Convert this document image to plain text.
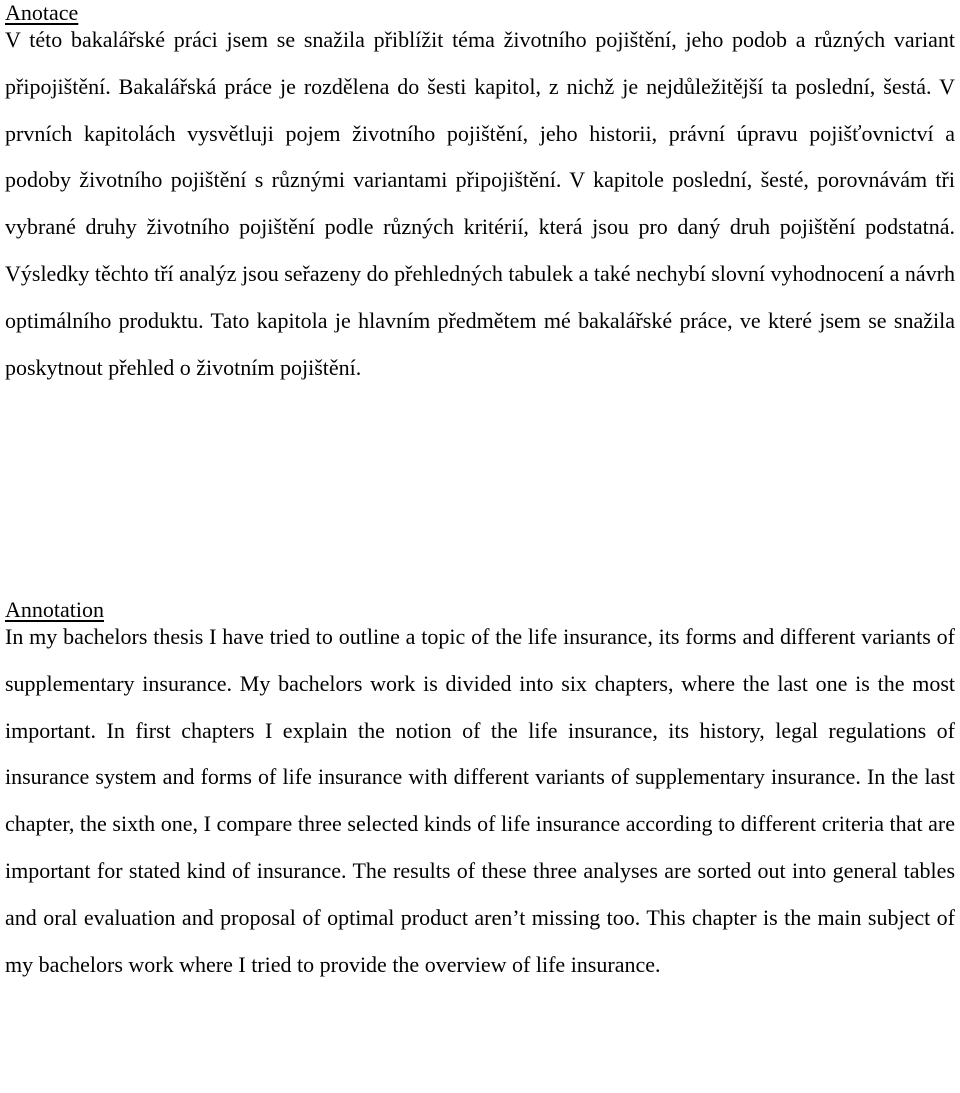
Anotace

V této bakalářské práci jsem se snažila přiblížit téma životního pojištění, jeho podob a různých variant připojištění. Bakalářská práce je rozdělena do šesti kapitol, z nichž je nejdůležitější ta poslední, šestá. V prvních kapitolách vysvětluji pojem životního pojištění, jeho historii, právní úpravu pojišťovnictví a podoby životního pojištění s různými variantami připojištění. V kapitole poslední, šesté, porovnávám tři vybrané druhy životního pojištění podle různých kritérií, která jsou pro daný druh pojištění podstatná. Výsledky těchto tří analýz jsou seřazeny do přehledných tabulek a také nechybí slovní vyhodnocení a návrh optimálního produktu. Tato kapitola je hlavním předmětem mé bakalářské práce, ve které jsem se snažila poskytnout přehled o životním pojištění.

Annotation

In my bachelors thesis I have tried to outline a topic of the life insurance, its forms and different variants of supplementary insurance. My bachelors work is divided into six chapters, where the last one is the most important. In first chapters I explain the notion of the life insurance, its history, legal regulations of insurance system and forms of life insurance with different variants of supplementary insurance. In the last chapter, the sixth one, I compare three selected kinds of life insurance according to different criteria that are important for stated kind of insurance. The results of these three analyses are sorted out into general tables and oral evaluation and proposal of optimal product aren’t missing too. This chapter is the main subject of my bachelors work where I tried to provide the overview of life insurance.
